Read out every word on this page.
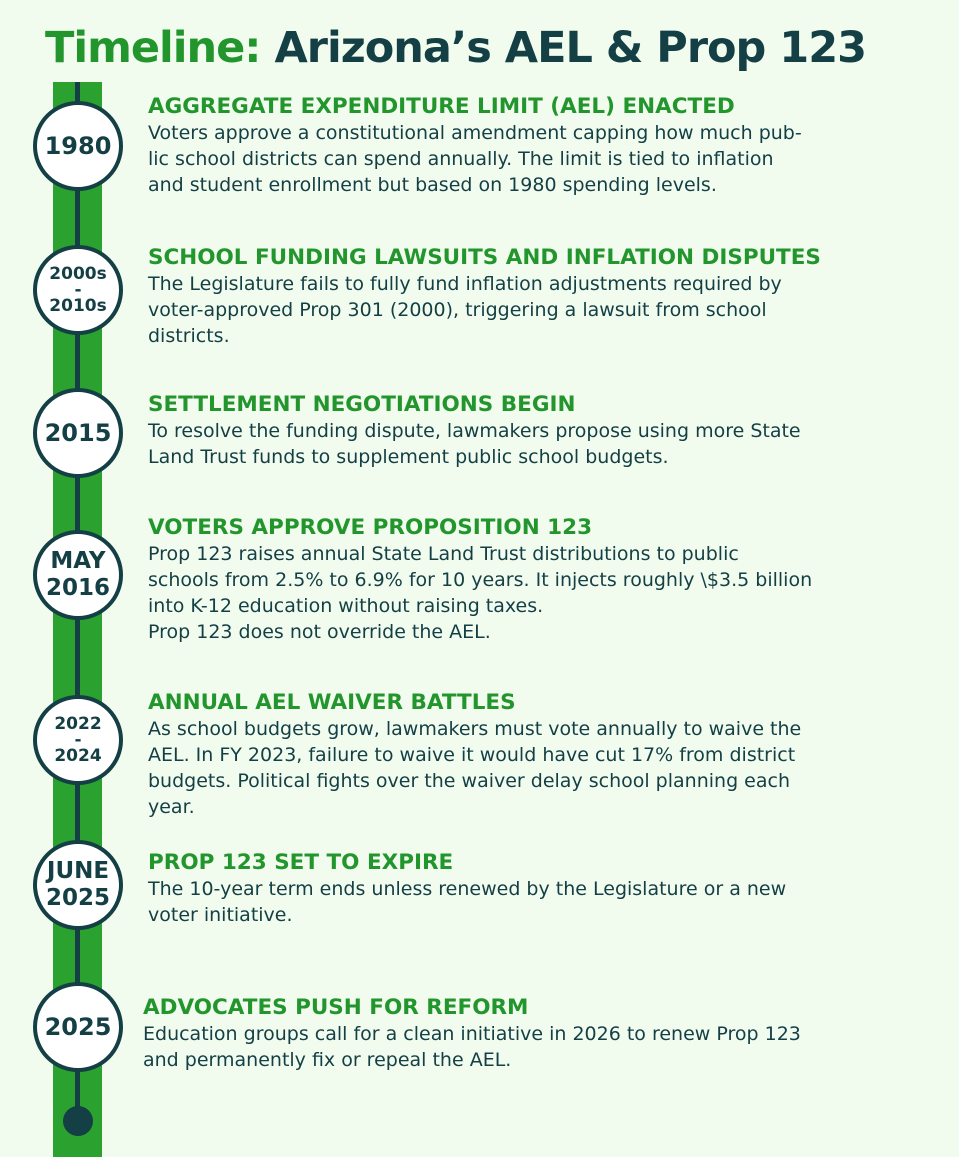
Timeline: Arizona’s AEL & Prop 123
1980
AGGREGATE EXPENDITURE LIMIT (AEL) ENACTED

Voters approve a constitutional amendment capping how much pub-
lic school districts can spend annually. The limit is tied to inflation
and student enrollment but based on 1980 spending levels.

2000s
-
2010s
SCHOOL FUNDING LAWSUITS AND INFLATION DISPUTES

The Legislature fails to fully fund inflation adjustments required by
voter-approved Prop 301 (2000), triggering a lawsuit from school
districts.

2015
SETTLEMENT NEGOTIATIONS BEGIN

To resolve the funding dispute, lawmakers propose using more State
Land Trust funds to supplement public school budgets.

MAY
2016
VOTERS APPROVE PROPOSITION 123

Prop 123 raises annual State Land Trust distributions to public
schools from 2.5% to 6.9% for 10 years. It injects roughly \$3.5 billion
into K-12 education without raising taxes.
Prop 123 does not override the AEL.

2022
-
2024
ANNUAL AEL WAIVER BATTLES

As school budgets grow, lawmakers must vote annually to waive the
AEL. In FY 2023, failure to waive it would have cut 17% from district
budgets. Political fights over the waiver delay school planning each
year.

JUNE
2025
PROP 123 SET TO EXPIRE

The 10-year term ends unless renewed by the Legislature or a new
voter initiative.

2025
ADVOCATES PUSH FOR REFORM

Education groups call for a clean initiative in 2026 to renew Prop 123
and permanently fix or repeal the AEL.
